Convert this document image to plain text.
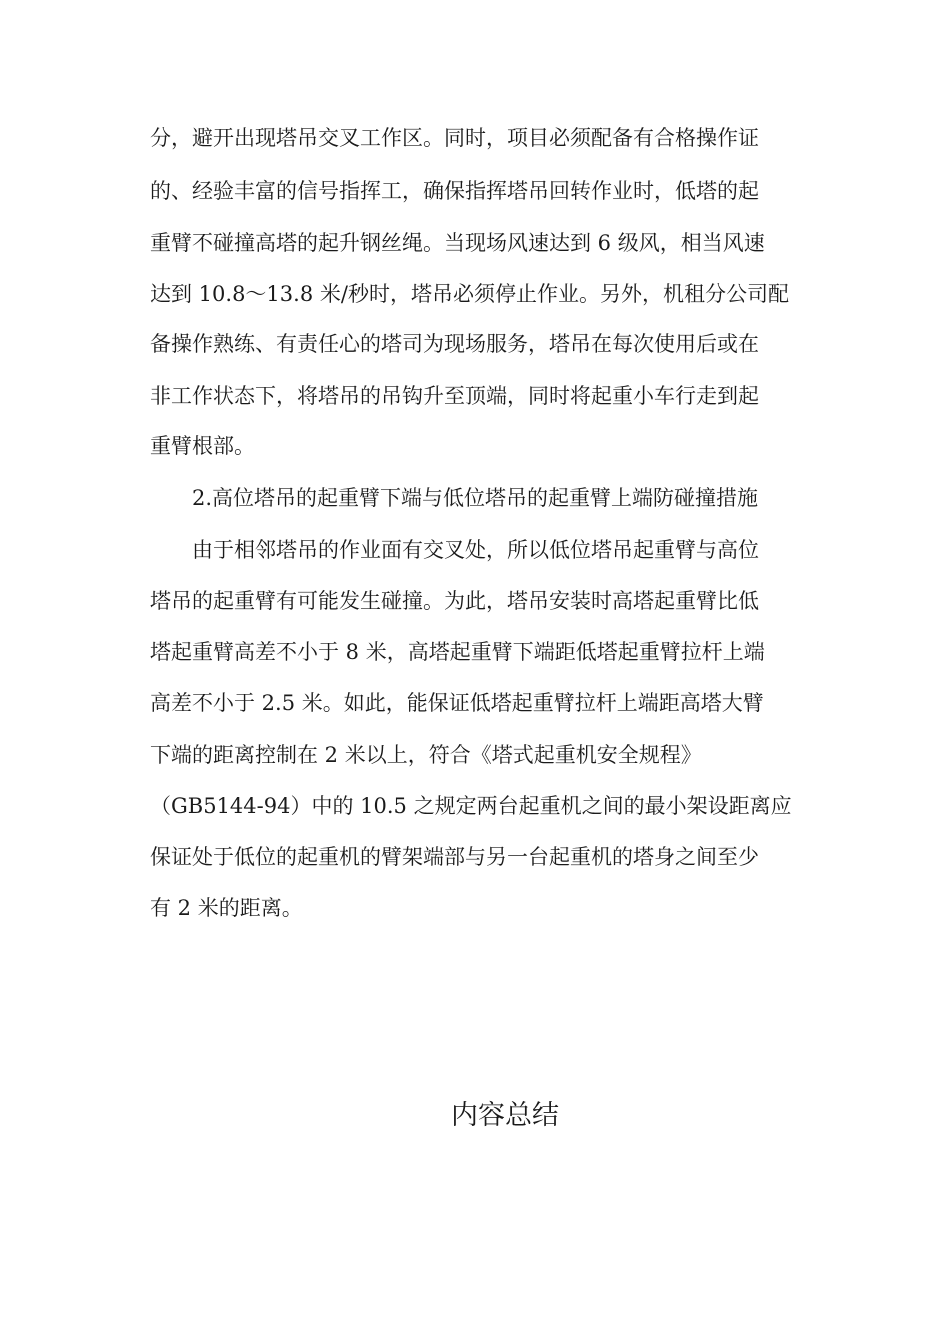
分，避开出现塔吊交叉工作区。同时，项目必须配备有合格操作证
的、经验丰富的信号指挥工，确保指挥塔吊回转作业时，低塔的起
重臂不碰撞高塔的起升钢丝绳。当现场风速达到 6 级风，相当风速
达到 10.8～13.8 米/秒时，塔吊必须停止作业。另外，机租分公司配
备操作熟练、有责任心的塔司为现场服务，塔吊在每次使用后或在
非工作状态下，将塔吊的吊钩升至顶端，同时将起重小车行走到起
重臂根部。
2.高位塔吊的起重臂下端与低位塔吊的起重臂上端防碰撞措施
由于相邻塔吊的作业面有交叉处，所以低位塔吊起重臂与高位
塔吊的起重臂有可能发生碰撞。为此，塔吊安装时高塔起重臂比低
塔起重臂高差不小于 8 米，高塔起重臂下端距低塔起重臂拉杆上端
高差不小于 2.5 米。如此，能保证低塔起重臂拉杆上端距高塔大臂
下端的距离控制在 2 米以上，符合《塔式起重机安全规程》
（GB5144-94）中的 10.5 之规定两台起重机之间的最小架设距离应
保证处于低位的起重机的臂架端部与另一台起重机的塔身之间至少
有 2 米的距离。
内容总结
